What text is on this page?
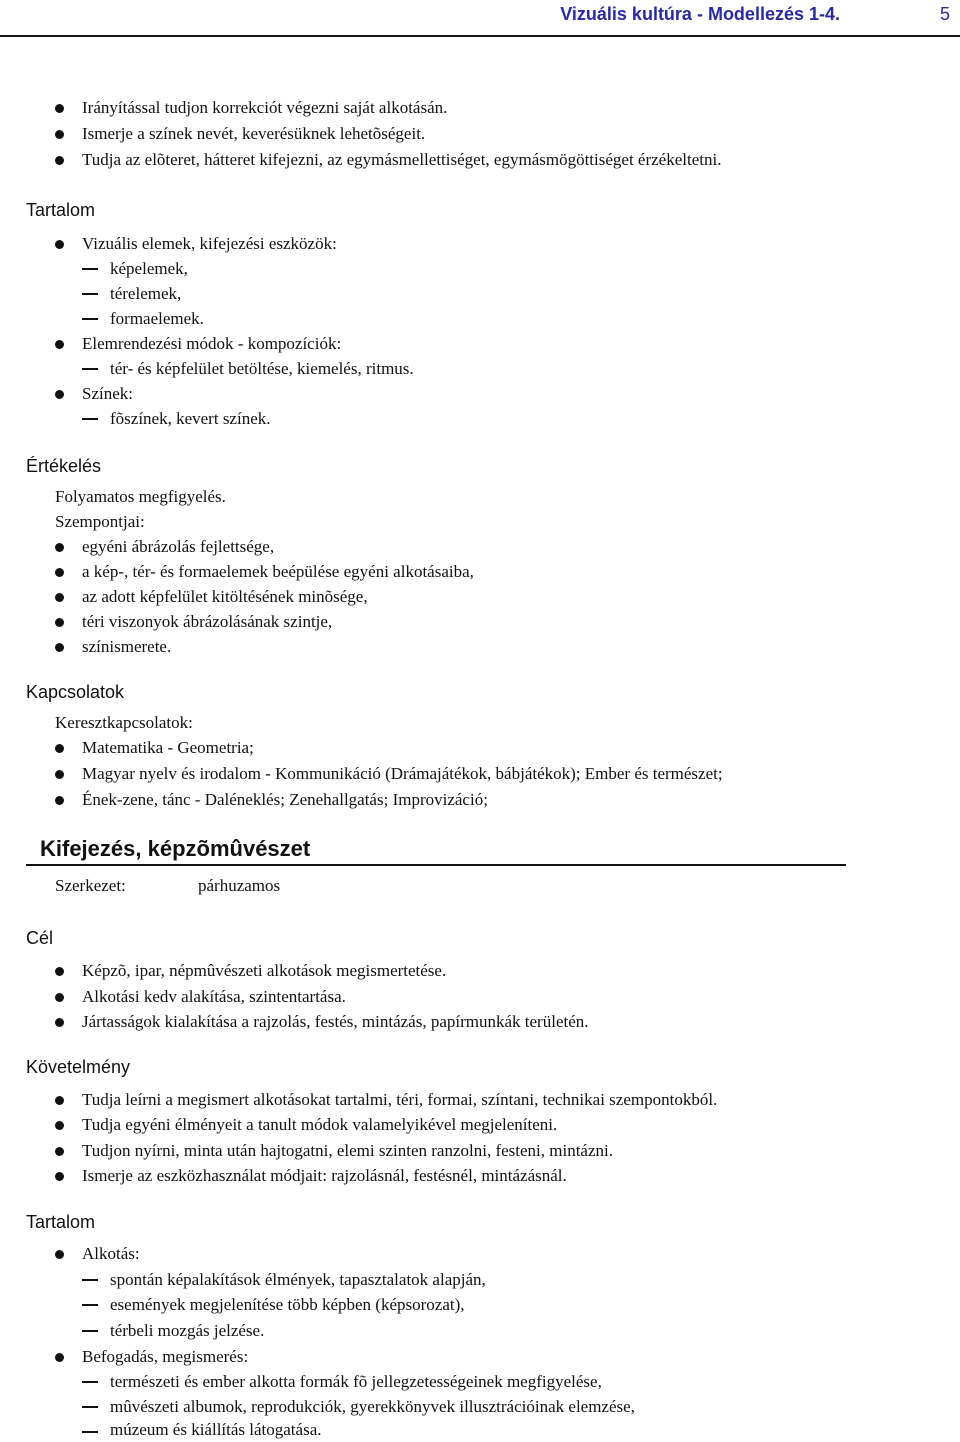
Vizuális kultúra - Modellezés 1-4.	5
Irányítással tudjon korrekciót végezni saját alkotásán.
Ismerje a színek nevét, keverésüknek lehetõségeit.
Tudja az elõteret, hátteret kifejezni, az egymásmellettiséget, egymásmögöttiséget érzékeltetni.
Tartalom
Vizuális elemek, kifejezési eszközök:
képelemek,
térelemek,
formaelemek.
Elemrendezési módok - kompozíciók:
tér- és képfelület betöltése, kiemelés, ritmus.
Színek:
fõszínek, kevert színek.
Értékelés
Folyamatos megfigyelés.
Szempontjai:
egyéni ábrázolás fejlettsége,
a kép-, tér- és formaelemek beépülése egyéni alkotásaiba,
az adott képfelület kitöltésének minõsége,
téri viszonyok ábrázolásának szintje,
színismerete.
Kapcsolatok
Keresztkapcsolatok:
Matematika - Geometria;
Magyar nyelv és irodalom - Kommunikáció (Drámajátékok, bábjátékok); Ember és természet;
Ének-zene, tánc - Daléneklés; Zenehallgatás; Improvizáció;
Kifejezés, képzõmûvészet
Szerkezet:	párhuzamos
Cél
Képzõ, ipar, népmûvészeti alkotások megismertetése.
Alkotási kedv alakítása, szintentartása.
Jártasságok kialakítása a rajzolás, festés, mintázás, papírmunkák területén.
Követelmény
Tudja leírni a megismert alkotásokat tartalmi, téri, formai, színtani, technikai szempontokból.
Tudja egyéni élményeit a tanult módok valamelyikével megjeleníteni.
Tudjon nyírni, minta után hajtogatni, elemi szinten ranzolni, festeni, mintázni.
Ismerje az eszközhasználat módjait: rajzolásnál, festésnél, mintázásnál.
Tartalom
Alkotás:
spontán képalakítások élmények, tapasztalatok alapján,
események megjelenítése több képben (képsorozat),
térbeli mozgás jelzése.
Befogadás, megismerés:
természeti és ember alkotta formák fõ jellegzetességeinek megfigyelése,
mûvészeti albumok, reprodukciók, gyerekkönyvek illusztrációinak elemzése,
múzeum és kiállítás látogatása.
